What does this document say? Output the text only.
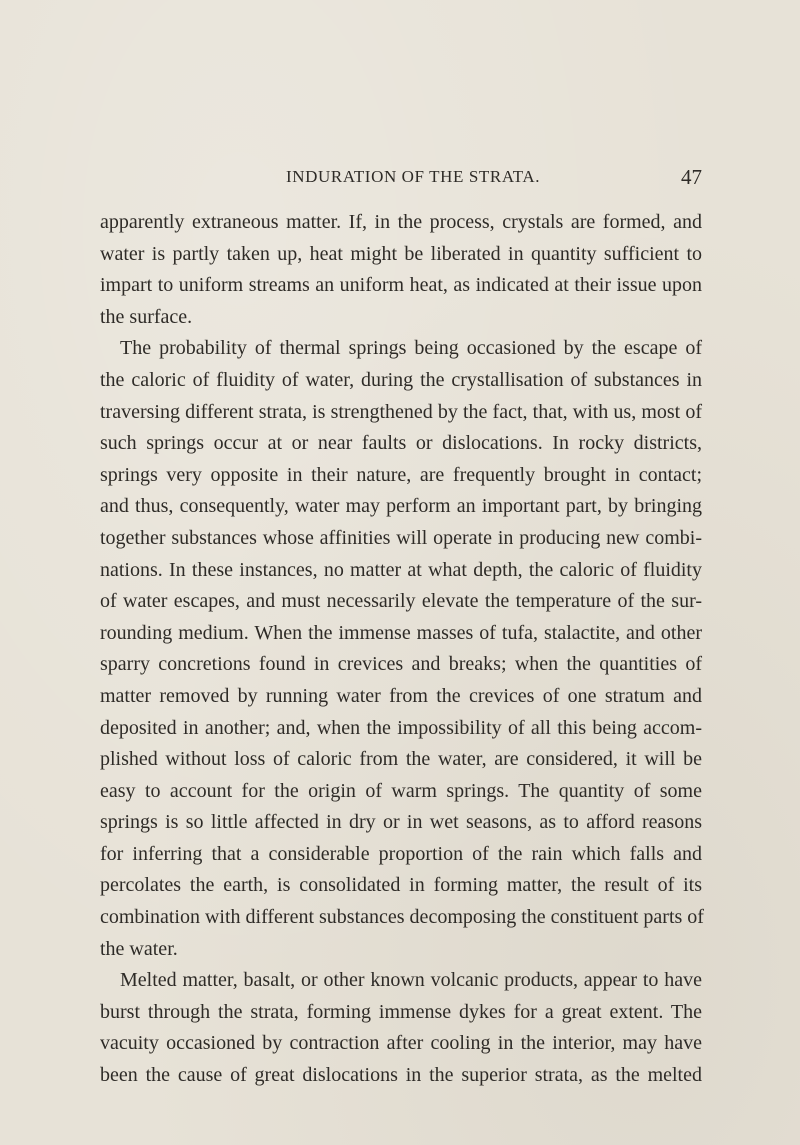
INDURATION OF THE STRATA.	47
apparently extraneous matter. If, in the process, crystals are formed, and
water is partly taken up, heat might be liberated in quantity sufficient to
impart to uniform streams an uniform heat, as indicated at their issue upon
the surface.
The probability of thermal springs being occasioned by the escape of
the caloric of fluidity of water, during the crystallisation of substances in
traversing different strata, is strengthened by the fact, that, with us, most of
such springs occur at or near faults or dislocations. In rocky districts,
springs very opposite in their nature, are frequently brought in contact;
and thus, consequently, water may perform an important part, by bringing
together substances whose affinities will operate in producing new combi-
nations. In these instances, no matter at what depth, the caloric of fluidity
of water escapes, and must necessarily elevate the temperature of the sur-
rounding medium. When the immense masses of tufa, stalactite, and other
sparry concretions found in crevices and breaks; when the quantities of
matter removed by running water from the crevices of one stratum and
deposited in another; and, when the impossibility of all this being accom-
plished without loss of caloric from the water, are considered, it will be
easy to account for the origin of warm springs. The quantity of some
springs is so little affected in dry or in wet seasons, as to afford reasons
for inferring that a considerable proportion of the rain which falls and
percolates the earth, is consolidated in forming matter, the result of its
combination with different substances decomposing the constituent parts of
the water.
Melted matter, basalt, or other known volcanic products, appear to have
burst through the strata, forming immense dykes for a great extent. The
vacuity occasioned by contraction after cooling in the interior, may have
been the cause of great dislocations in the superior strata, as the melted
